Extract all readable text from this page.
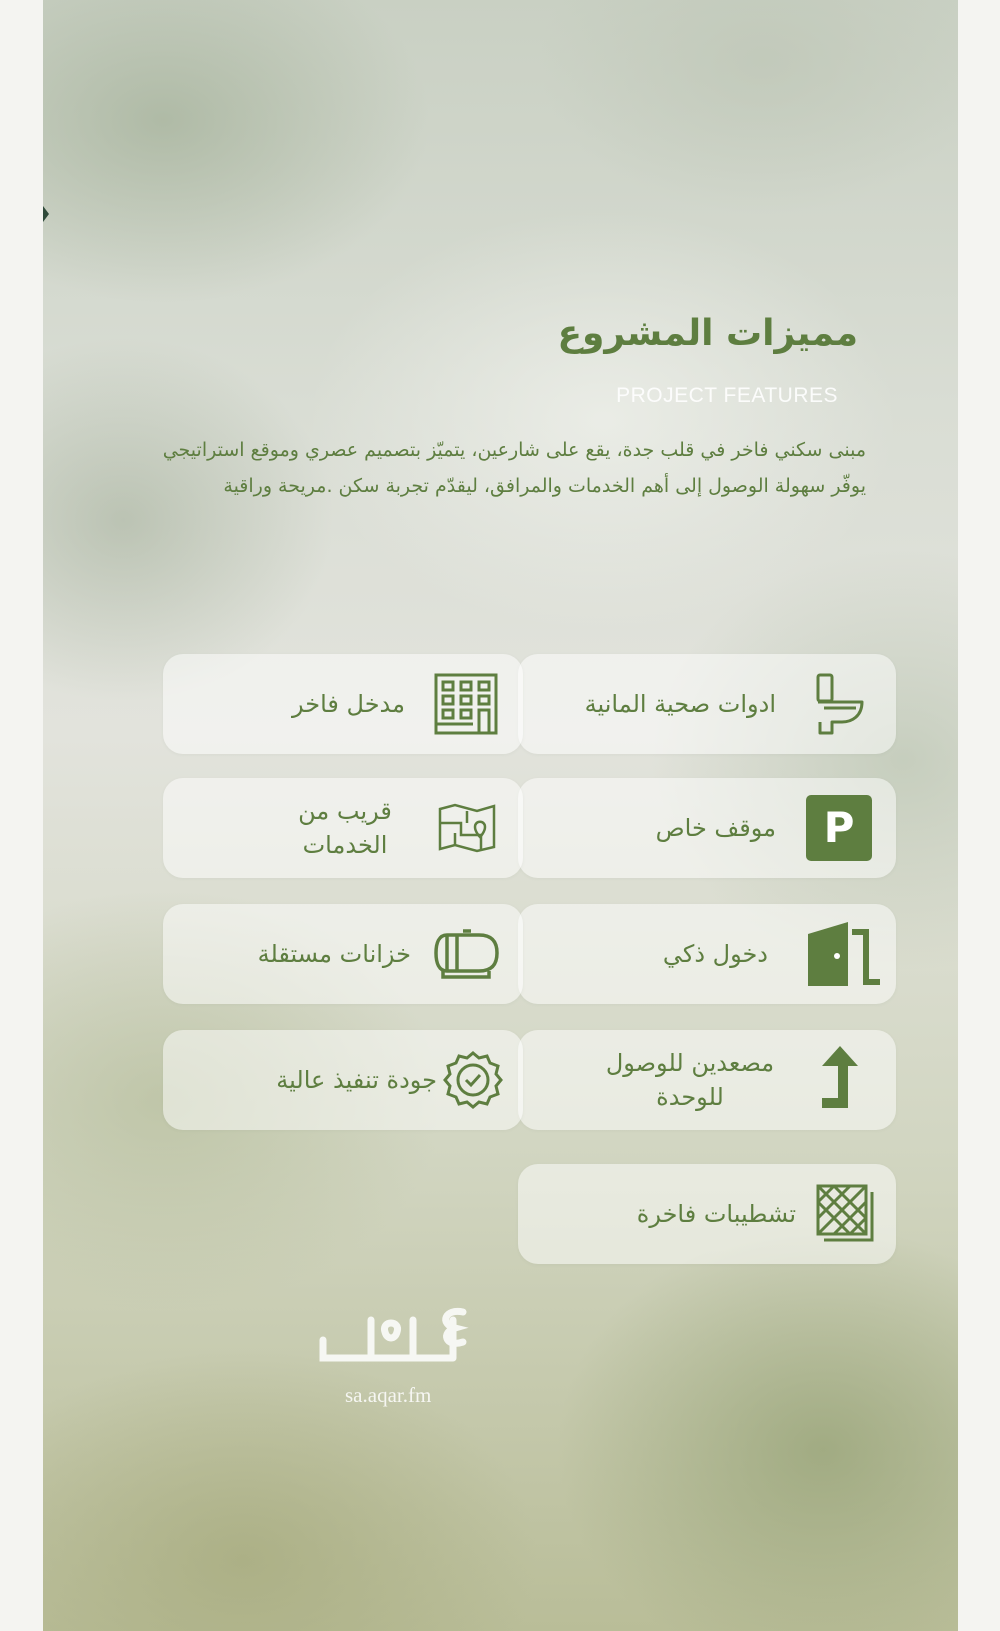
مميزات المشروع
PROJECT FEATURES
مبنى سكني فاخر في قلب جدة، يقع على شارعين، يتميّز بتصميم عصري وموقع استراتيجي يوفّر سهولة الوصول إلى أهم الخدمات والمرافق، ليقدّم تجربة سكن .مريحة وراقية
ادوات صحية المانية
P
موقف خاص
دخول ذكي
مصعدين للوصول للوحدة
تشطيبات فاخرة
مدخل فاخر
قريب من الخدمات
خزانات مستقلة
جودة تنفيذ عالية
sa.aqar.fm
